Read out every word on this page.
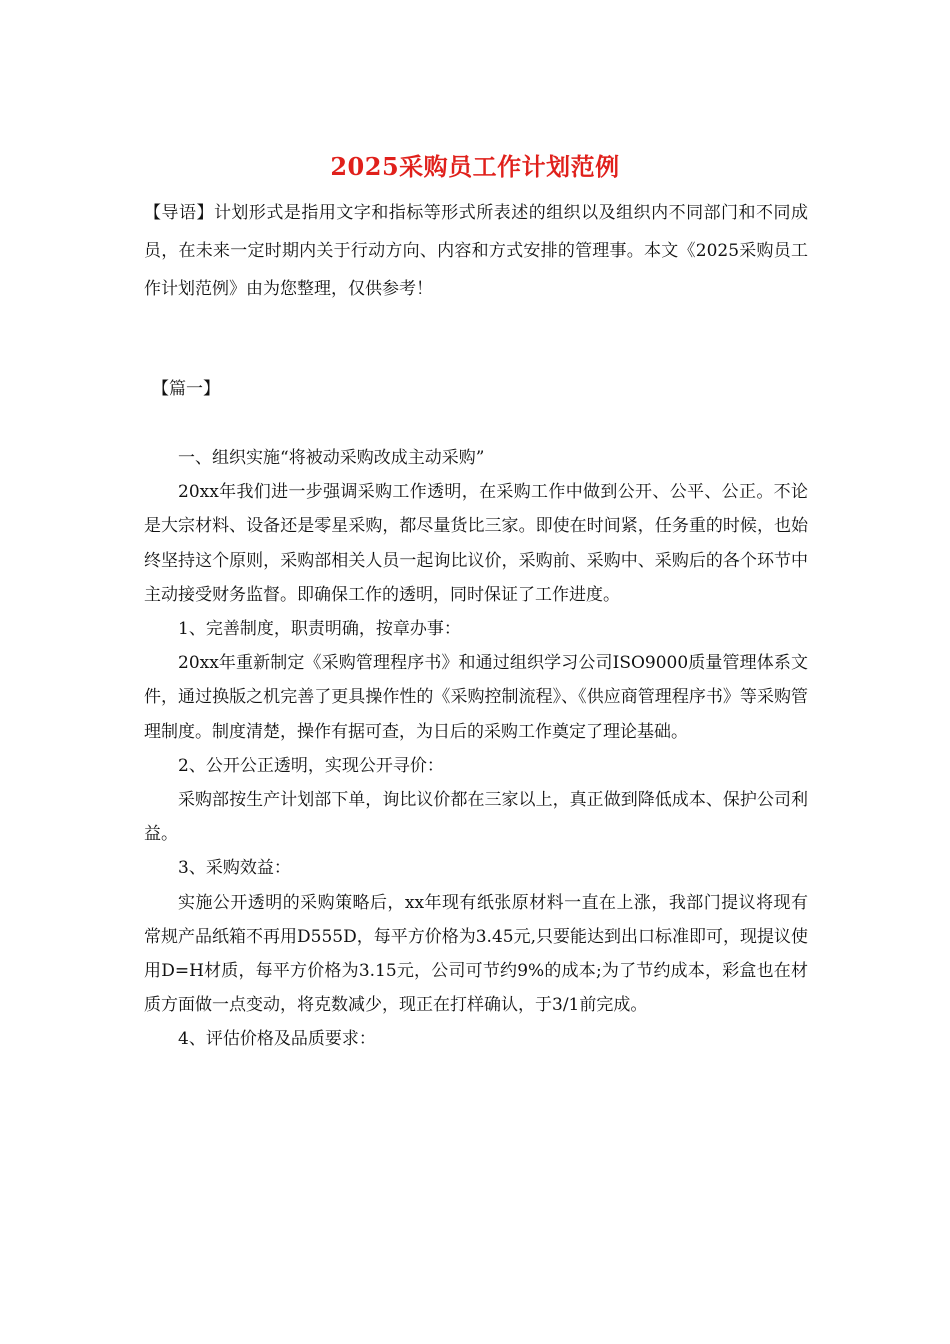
2025采购员工作计划范例
【导语】计划形式是指用文字和指标等形式所表述的组织以及组织内不同部门和不同成员，在未来一定时期内关于行动方向、内容和方式安排的管理事。本文《2025采购员工作计划范例》由为您整理，仅供参考！
【篇一】

一、组织实施“将被动采购改成主动采购”

20xx年我们进一步强调采购工作透明，在采购工作中做到公开、公平、公正。不论是大宗材料、设备还是零星采购，都尽量货比三家。即使在时间紧，任务重的时候，也始终坚持这个原则，采购部相关人员一起询比议价，采购前、采购中、采购后的各个环节中主动接受财务监督。即确保工作的透明，同时保证了工作进度。

1、完善制度，职责明确，按章办事：

20xx年重新制定《采购管理程序书》和通过组织学习公司ISO9000质量管理体系文件，通过换版之机完善了更具操作性的《采购控制流程》、《供应商管理程序书》等采购管理制度。制度清楚，操作有据可查，为日后的采购工作奠定了理论基础。

2、公开公正透明，实现公开寻价：

采购部按生产计划部下单，询比议价都在三家以上，真正做到降低成本、保护公司利益。

3、采购效益：

实施公开透明的采购策略后，xx年现有纸张原材料一直在上涨，我部门提议将现有常规产品纸箱不再用D555D，每平方价格为3.45元,只要能达到出口标准即可，现提议使用D=H材质，每平方价格为3.15元，公司可节约9%的成本;为了节约成本，彩盒也在材质方面做一点变动，将克数减少，现正在打样确认，于3/1前完成。

4、评估价格及品质要求：
